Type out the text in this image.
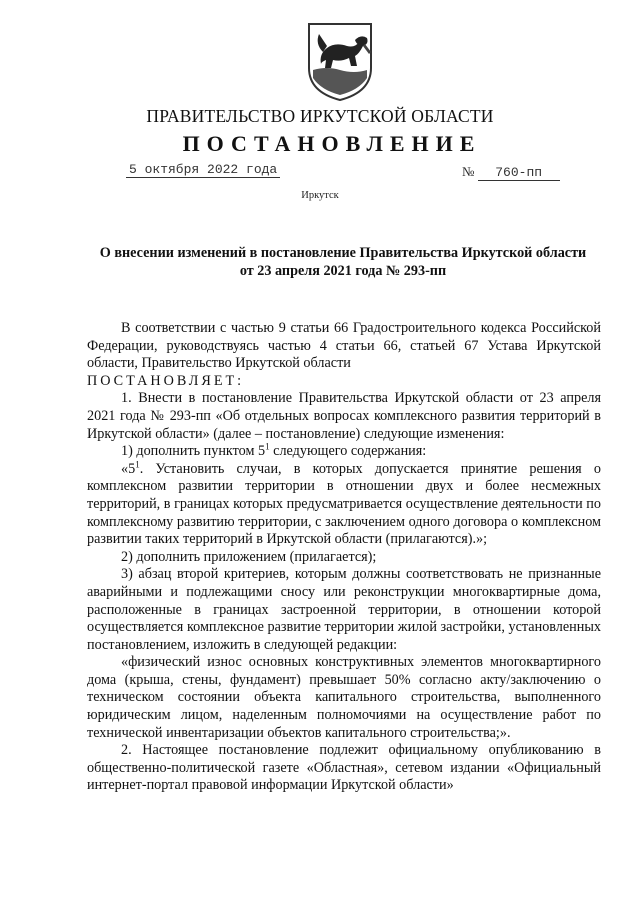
ПРАВИТЕЛЬСТВО ИРКУТСКОЙ ОБЛАСТИ
ПОСТАНОВЛЕНИЕ
5 октября 2022 года	№ 760-пп
Иркутск
О внесении изменений в постановление Правительства Иркутской области
от 23 апреля 2021 года № 293-пп

В соответствии с частью 9 статьи 66 Градостроительного кодекса Российской Федерации, руководствуясь частью 4 статьи 66, статьей 67 Устава Иркутской области, Правительство Иркутской области

ПОСТАНОВЛЯЕТ:

1. Внести в постановление Правительства Иркутской области от 23 апреля 2021 года № 293-пп «Об отдельных вопросах комплексного развития территорий в Иркутской области» (далее – постановление) следующие изменения:

1) дополнить пунктом $5^1$ следующего содержания:

«$5^1$. Установить случаи, в которых допускается принятие решения о комплексном развитии территории в отношении двух и более несмежных территорий, в границах которых предусматривается осуществление деятельности по комплексному развитию территории, с заключением одного договора о комплексном развитии таких территорий в Иркутской области (прилагаются).»;

2) дополнить приложением (прилагается);

3) абзац второй критериев, которым должны соответствовать не признанные аварийными и подлежащими сносу или реконструкции многоквартирные дома, расположенные в границах застроенной территории, в отношении которой осуществляется комплексное развитие территории жилой застройки, установленных постановлением, изложить в следующей редакции:

«физический износ основных конструктивных элементов многоквартирного дома (крыша, стены, фундамент) превышает 50% согласно акту/заключению о техническом состоянии объекта капитального строительства, выполненного юридическим лицом, наделенным полномочиями на осуществление работ по технической инвентаризации объектов капитального строительства;».

2. Настоящее постановление подлежит официальному опубликованию в общественно-политической газете «Областная», сетевом издании «Официальный интернет-портал правовой информации Иркутской области»
